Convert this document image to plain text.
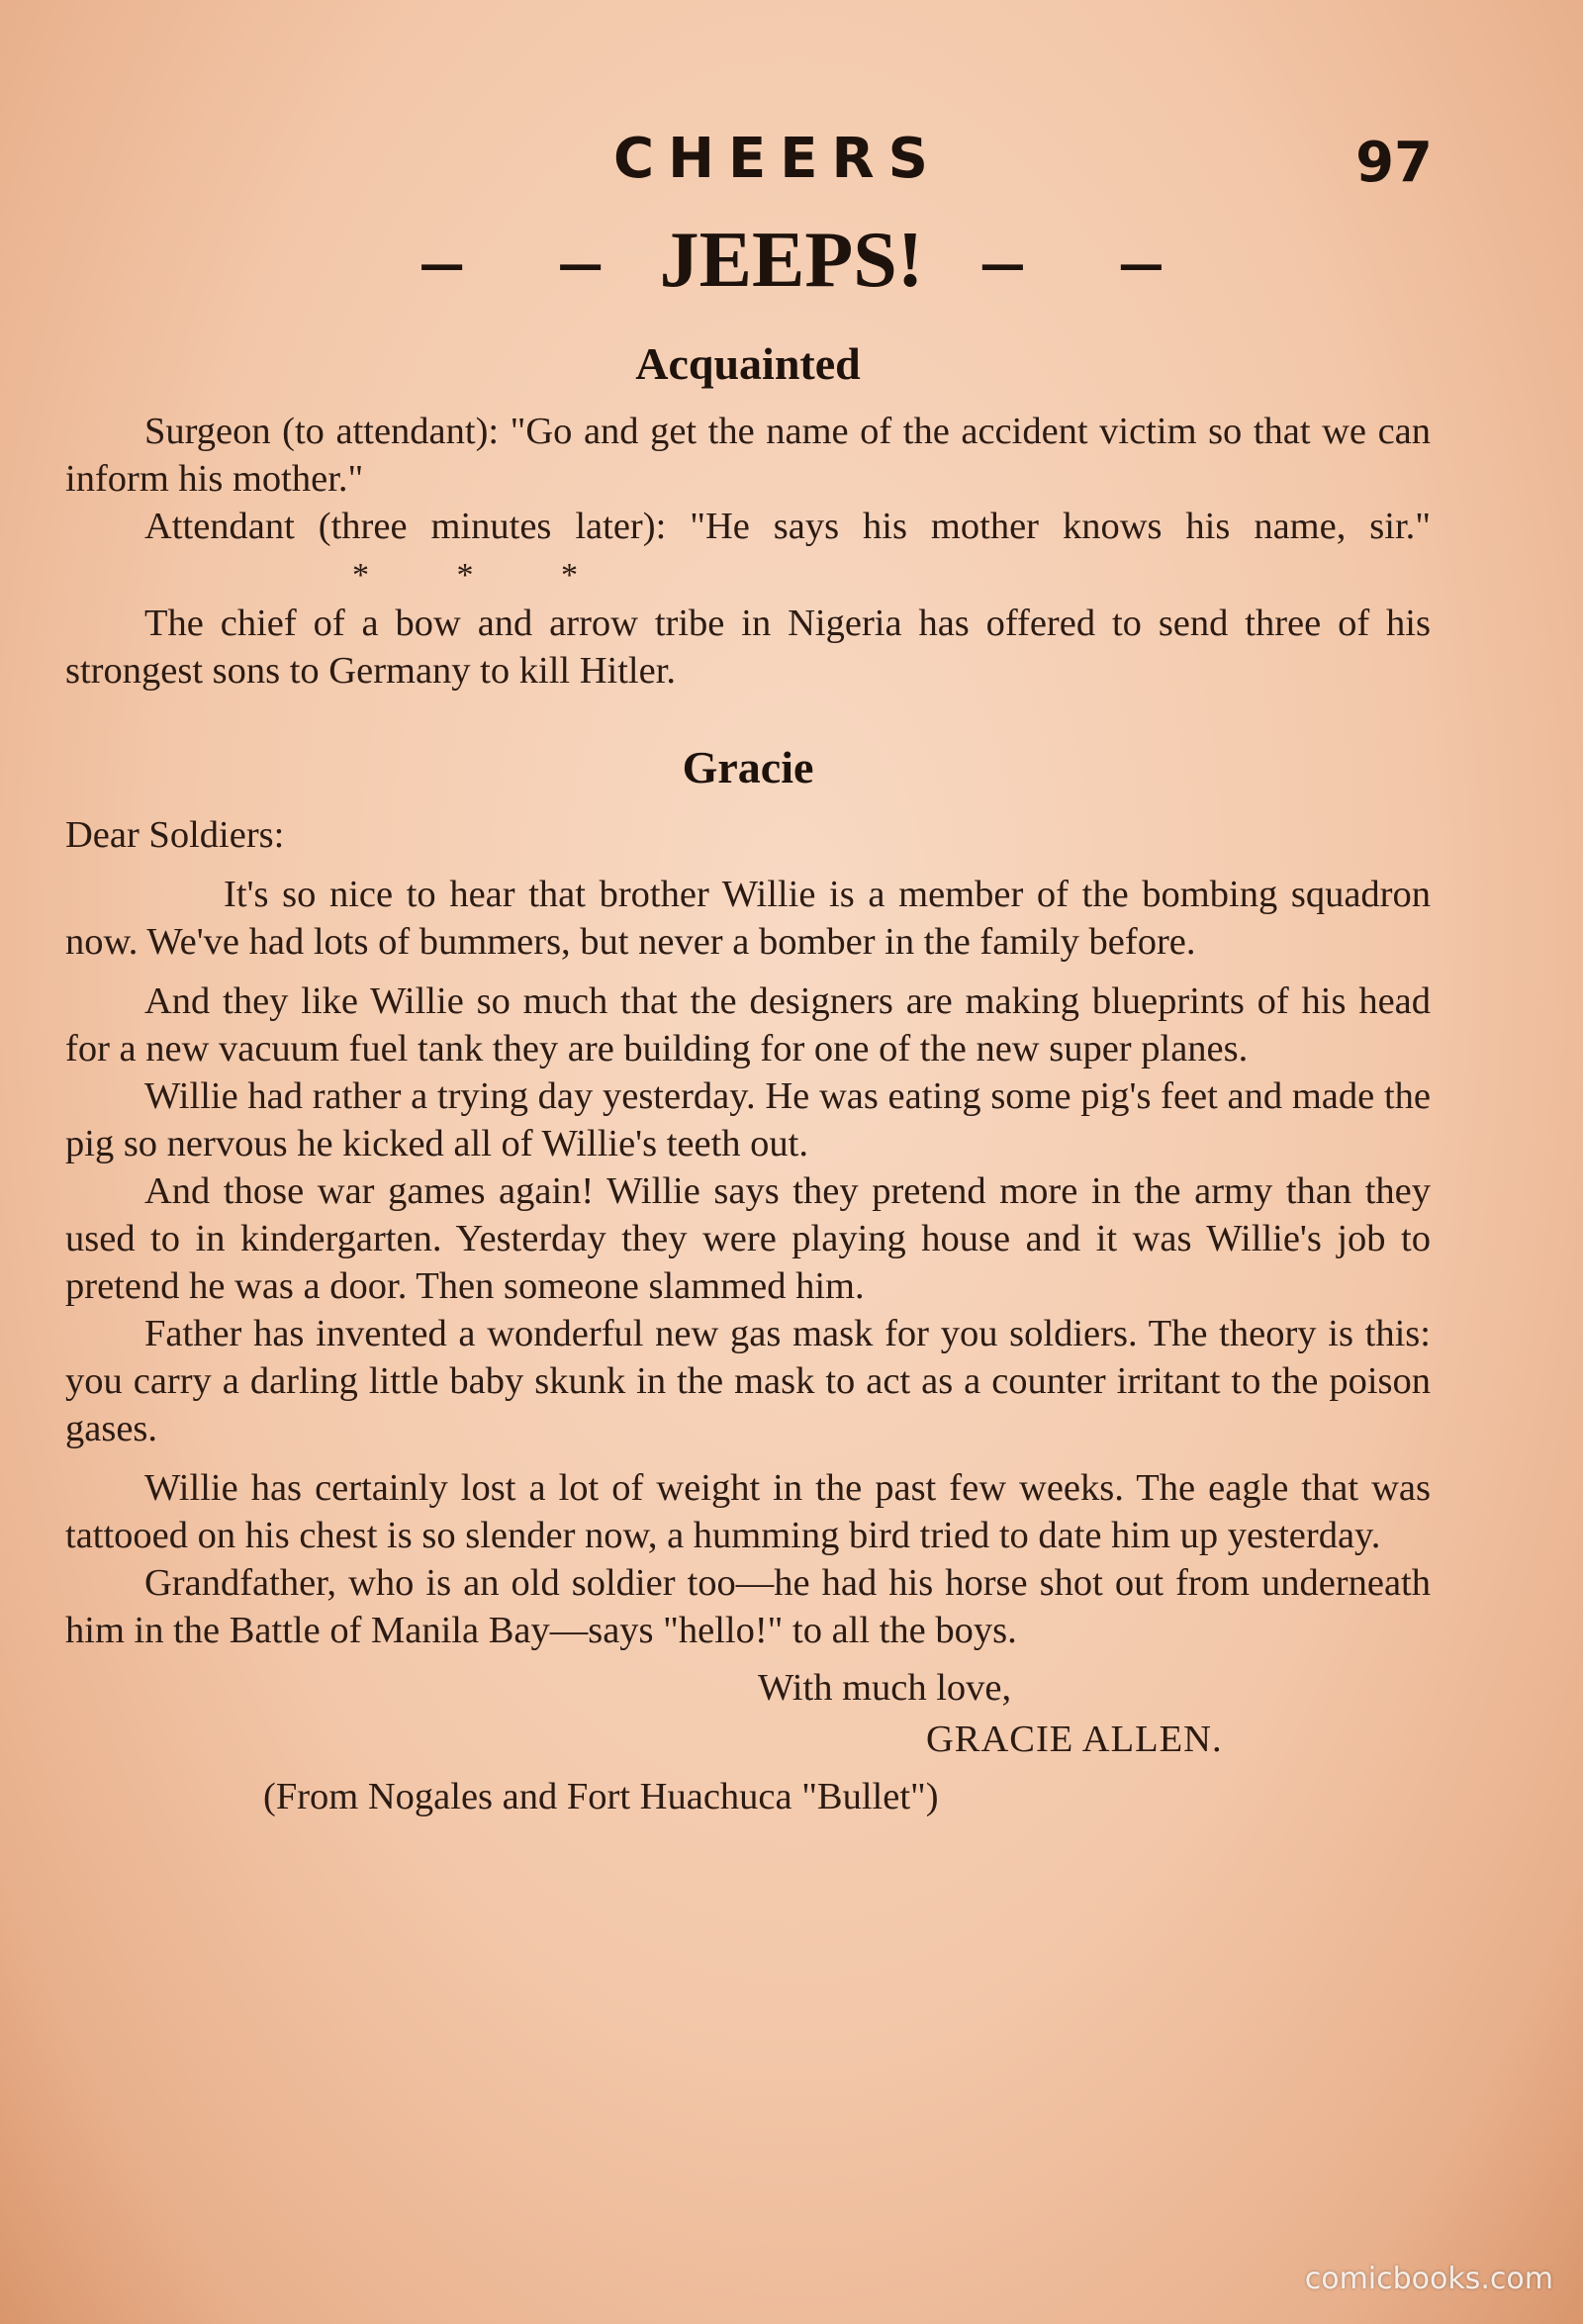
CHEERS	97
– – JEEPS! – –
Acquainted

Surgeon (to attendant): "Go and get the name of the accident victim so that we can inform his mother."

Attendant (three minutes later): "He says his mother knows his name, sir."* * *

The chief of a bow and arrow tribe in Nigeria has offered to send three of his strongest sons to Germany to kill Hitler.

Gracie

Dear Soldiers:

It's so nice to hear that brother Willie is a member of the bombing squadron now. We've had lots of bummers, but never a bomber in the family before.

And they like Willie so much that the designers are making blueprints of his head for a new vacuum fuel tank they are building for one of the new super planes.

Willie had rather a trying day yesterday. He was eating some pig's feet and made the pig so nervous he kicked all of Willie's teeth out.

And those war games again! Willie says they pretend more in the army than they used to in kindergarten. Yesterday they were playing house and it was Willie's job to pretend he was a door. Then someone slammed him.

Father has invented a wonderful new gas mask for you soldiers. The theory is this: you carry a darling little baby skunk in the mask to act as a counter irritant to the poison gases.

Willie has certainly lost a lot of weight in the past few weeks. The eagle that was tattooed on his chest is so slender now, a humming bird tried to date him up yesterday.

Grandfather, who is an old soldier too—he had his horse shot out from underneath him in the Battle of Manila Bay—says "hello!" to all the boys.

With much love,

GRACIE ALLEN.

(From Nogales and Fort Huachuca "Bullet")

comicbooks.com
